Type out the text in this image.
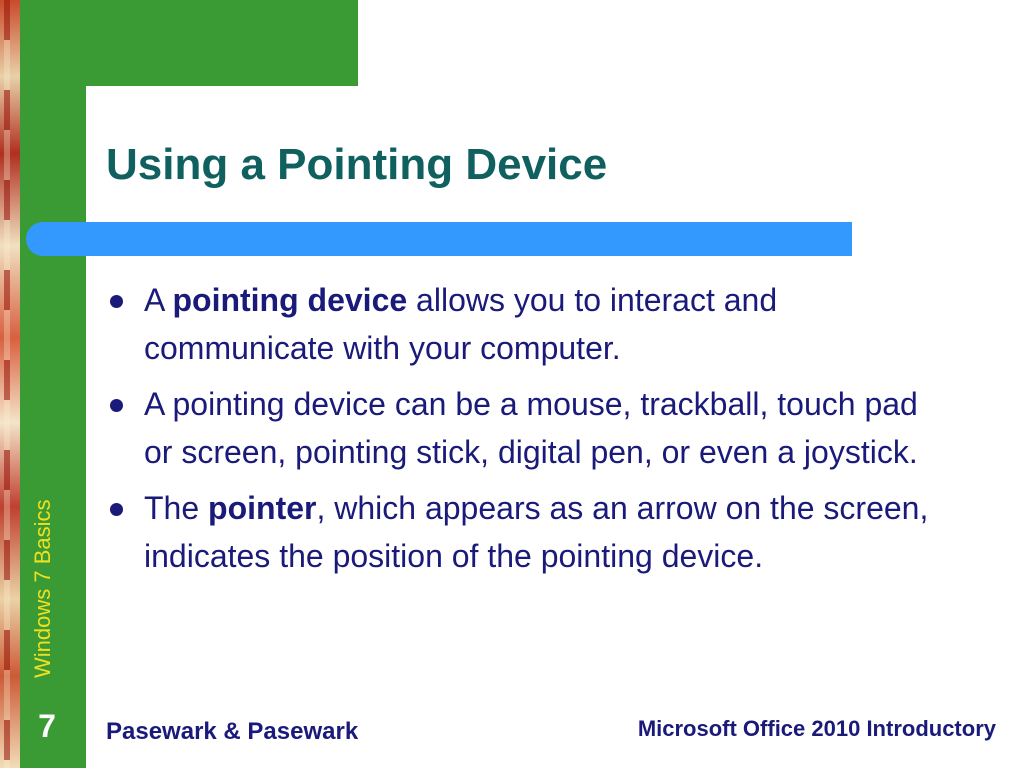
Using a Pointing Device
A pointing device allows you to interact and communicate with your computer.
A pointing device can be a mouse, trackball, touch pad or screen, pointing stick, digital pen, or even a joystick.
The pointer, which appears as an arrow on the screen, indicates the position of the pointing device.
Windows 7 Basics
7	Pasewark & Pasewark	Microsoft Office 2010 Introductory
